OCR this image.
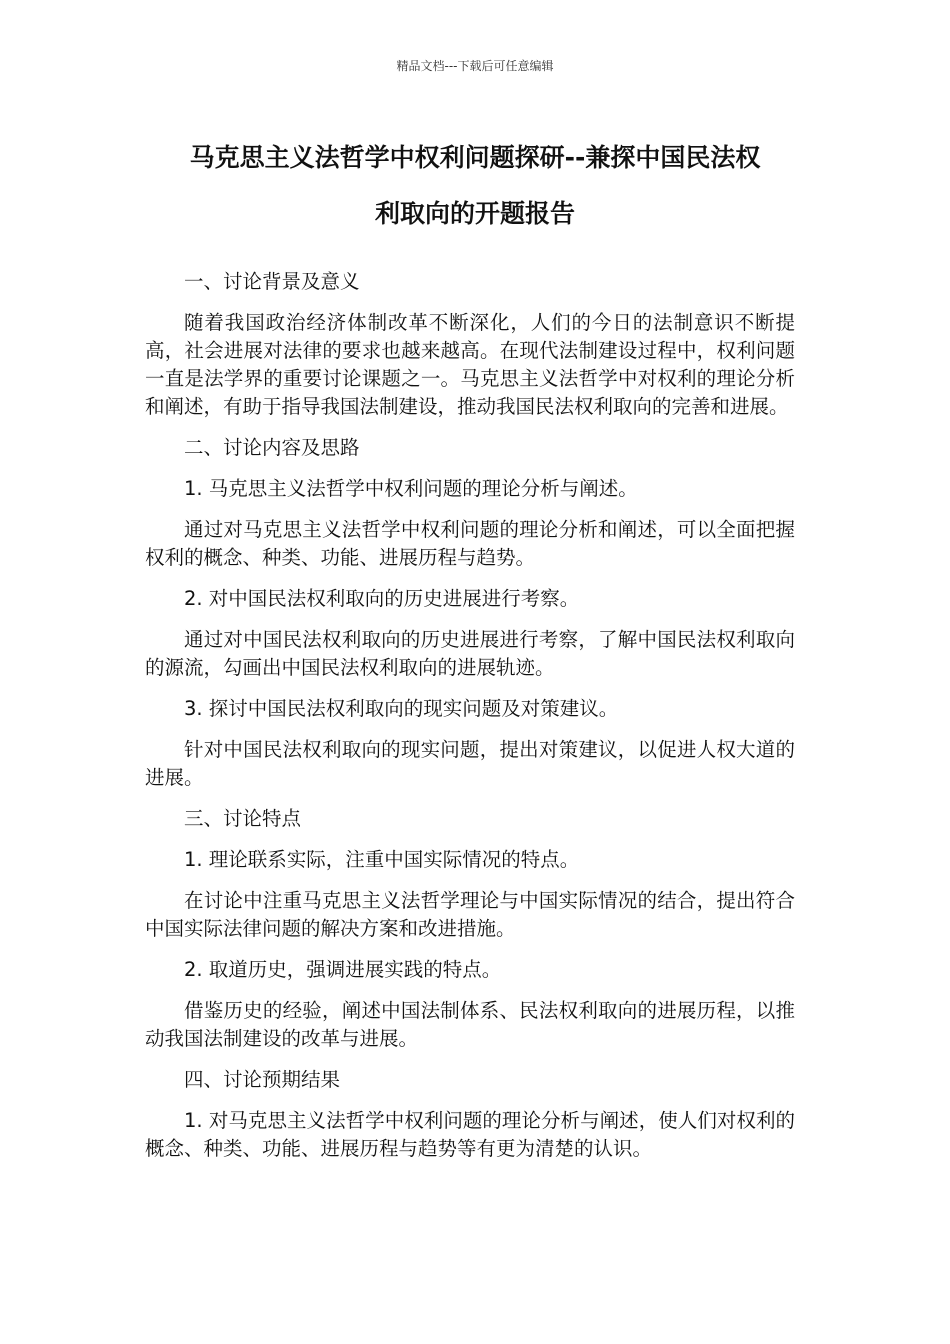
精品文档---下载后可任意编辑
马克思主义法哲学中权利问题探研--兼探中国民法权
利取向的开题报告

一、讨论背景及意义

随着我国政治经济体制改革不断深化，人们的今日的法制意识不断提高，社会进展对法律的要求也越来越高。在现代法制建设过程中，权利问题一直是法学界的重要讨论课题之一。马克思主义法哲学中对权利的理论分析和阐述，有助于指导我国法制建设，推动我国民法权利取向的完善和进展。

二、讨论内容及思路

1. 马克思主义法哲学中权利问题的理论分析与阐述。

通过对马克思主义法哲学中权利问题的理论分析和阐述，可以全面把握权利的概念、种类、功能、进展历程与趋势。

2. 对中国民法权利取向的历史进展进行考察。

通过对中国民法权利取向的历史进展进行考察，了解中国民法权利取向的源流，勾画出中国民法权利取向的进展轨迹。

3. 探讨中国民法权利取向的现实问题及对策建议。

针对中国民法权利取向的现实问题，提出对策建议，以促进人权大道的进展。

三、讨论特点

1. 理论联系实际，注重中国实际情况的特点。

在讨论中注重马克思主义法哲学理论与中国实际情况的结合，提出符合中国实际法律问题的解决方案和改进措施。

2. 取道历史，强调进展实践的特点。

借鉴历史的经验，阐述中国法制体系、民法权利取向的进展历程，以推动我国法制建设的改革与进展。

四、讨论预期结果

1. 对马克思主义法哲学中权利问题的理论分析与阐述，使人们对权利的概念、种类、功能、进展历程与趋势等有更为清楚的认识。
